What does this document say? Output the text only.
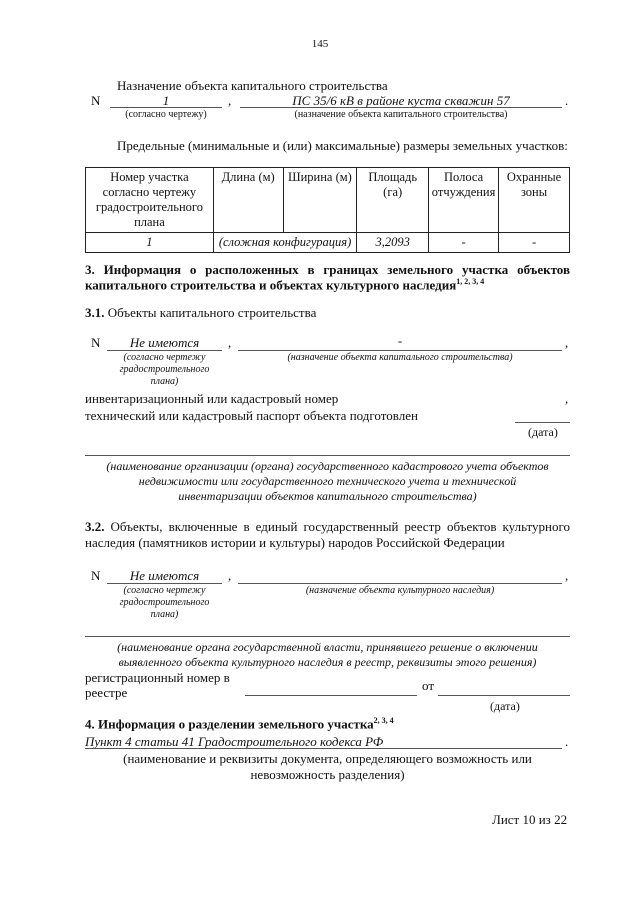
145
Назначение объекта капитального строительства
N	1	,	ПС 35/6 кВ в районе куста скважин 57	.
(согласно чертежу)	(назначение объекта капитального строительства)
Предельные (минимальные и (или) максимальные) размеры земельных участков:
Номер участка согласно чертежу градостроительного плана	Длина (м)	Ширина (м)	Площадь (га)	Полоса отчуждения	Охранные зоны
1	(сложная конфигурация)		3,2093	-	-
3. Информация о расположенных в границах земельного участка объектов
капитального строительства и объектах культурного наследия$^{1, 2, 3, 4}$
3.1. Объекты капитального строительства
N	Не имеются	,	-	,
(согласно чертежу
градостроительного
плана)
(назначение объекта капитального строительства)
инвентаризационный или кадастровый номер	,
технический или кадастровый паспорт объекта подготовлен
(дата)
(наименование организации (органа) государственного кадастрового учета объектов
недвижимости или государственного технического учета и технической
инвентаризации объектов капитального строительства)
3.2. Объекты, включенные в единый государственный реестр объектов культурного
наследия (памятников истории и культуры) народов Российской Федерации
N	Не имеются	,	,
(согласно чертежу
градостроительного
плана)
(назначение объекта культурного наследия)
(наименование органа государственной власти, принявшего решение о включении
выявленного объекта культурного наследия в реестр, реквизиты этого решения)
регистрационный номер в
реестре	от
(дата)
4. Информация о разделении земельного участка$^{2, 3, 4}$
Пункт 4 статьи 41 Градостроительного кодекса РФ	.
(наименование и реквизиты документа, определяющего возможность или
невозможность разделения)
Лист 10 из 22
